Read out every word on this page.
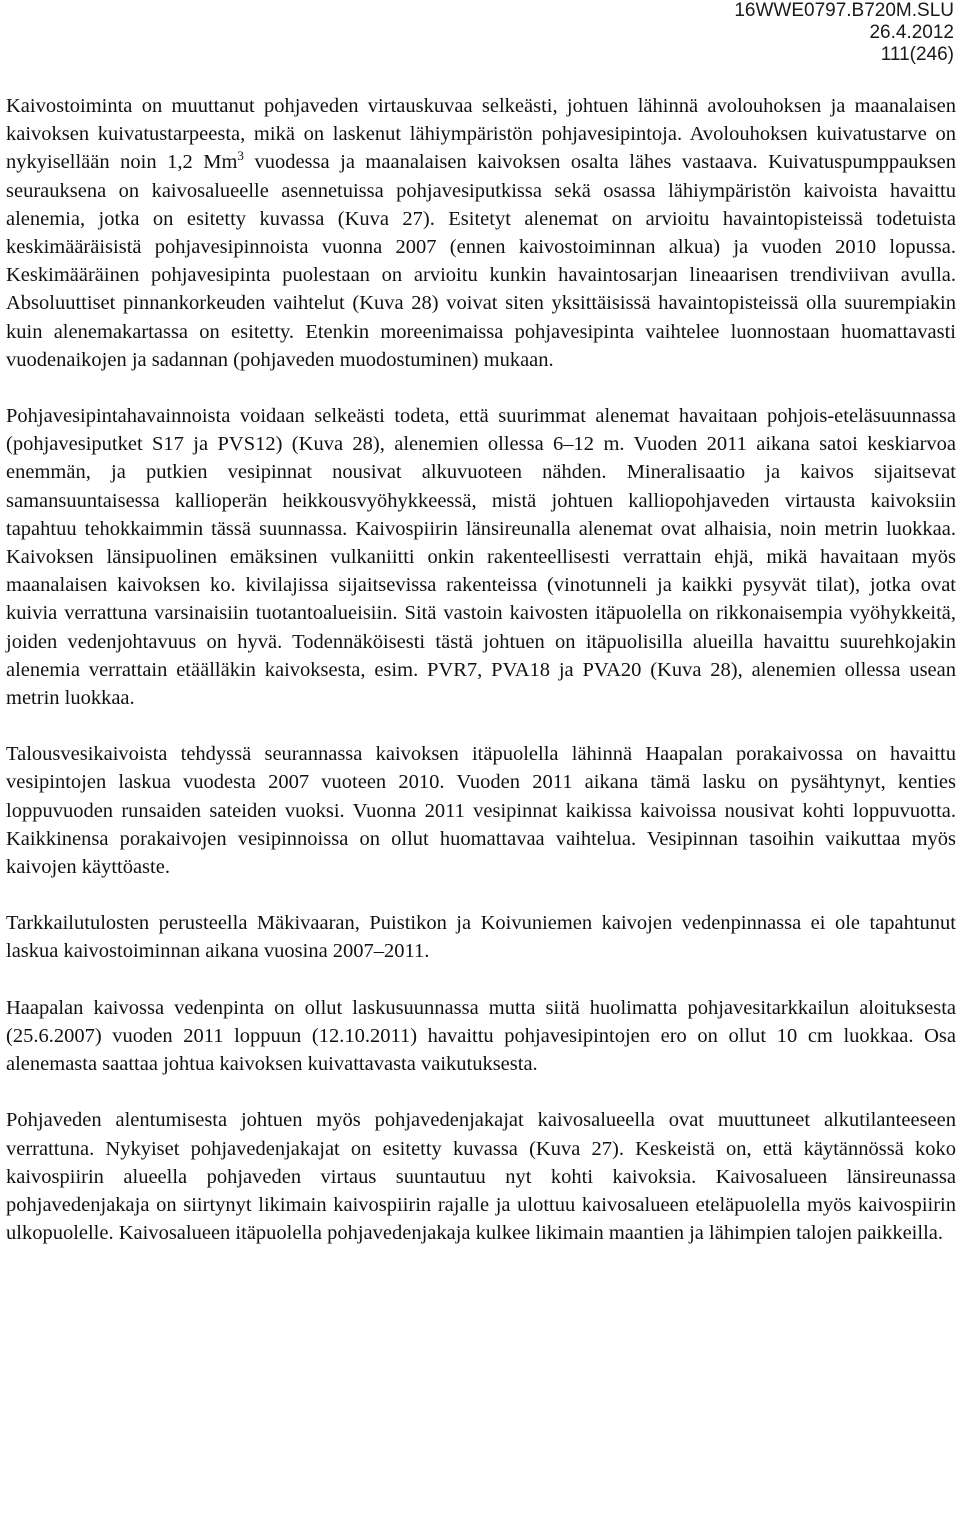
16WWE0797.B720M.SLU
26.4.2012
111(246)

Kaivostoiminta on muuttanut pohjaveden virtauskuvaa selkeästi, johtuen lähinnä avolouhoksen ja maanalaisen kaivoksen kuivatustarpeesta, mikä on laskenut lähiympäristön pohjavesipintoja. Avolouhoksen kuivatustarve on nykyisellään noin 1,2 Mm$^3$ vuodessa ja maanalaisen kaivoksen osalta lähes vastaava. Kuivatuspumppauksen seurauksena on kaivosalueelle asennetuissa pohjavesiputkissa sekä osassa lähiympäristön kaivoista havaittu alenemia, jotka on esitetty kuvassa (Kuva 27). Esitetyt alenemat on arvioitu havaintopisteissä todetuista keskimääräisistä pohjavesipinnoista vuonna 2007 (ennen kaivostoiminnan alkua) ja vuoden 2010 lopussa. Keskimääräinen pohjavesipinta puolestaan on arvioitu kunkin havaintosarjan lineaarisen trendiviivan avulla. Absoluuttiset pinnankorkeuden vaihtelut (Kuva 28) voivat siten yksittäisissä havaintopisteissä olla suurempiakin kuin alenemakartassa on esitetty. Etenkin moreenimaissa pohjavesipinta vaihtelee luonnostaan huomattavasti vuodenaikojen ja sadannan (pohjaveden muodostuminen) mukaan.

Pohjavesipintahavainnoista voidaan selkeästi todeta, että suurimmat alenemat havaitaan pohjois-eteläsuunnassa (pohjavesiputket S17 ja PVS12) (Kuva 28), alenemien ollessa 6–12 m. Vuoden 2011 aikana satoi keskiarvoa enemmän, ja putkien vesipinnat nousivat alkuvuoteen nähden. Mineralisaatio ja kaivos sijaitsevat samansuuntaisessa kallioperän heikkousvyöhykkeessä, mistä johtuen kalliopohjaveden virtausta kaivoksiin tapahtuu tehokkaimmin tässä suunnassa. Kaivospiirin länsireunalla alenemat ovat alhaisia, noin metrin luokkaa. Kaivoksen länsipuolinen emäksinen vulkaniitti onkin rakenteellisesti verrattain ehjä, mikä havaitaan myös maanalaisen kaivoksen ko. kivilajissa sijaitsevissa rakenteissa (vinotunneli ja kaikki pysyvät tilat), jotka ovat kuivia verrattuna varsinaisiin tuotantoalueisiin. Sitä vastoin kaivosten itäpuolella on rikkonaisempia vyöhykkeitä, joiden vedenjohtavuus on hyvä. Todennäköisesti tästä johtuen on itäpuolisilla alueilla havaittu suurehkojakin alenemia verrattain etäälläkin kaivoksesta, esim. PVR7, PVA18 ja PVA20 (Kuva 28), alenemien ollessa usean metrin luokkaa.

Talousvesikaivoista tehdyssä seurannassa kaivoksen itäpuolella lähinnä Haapalan porakaivossa on havaittu vesipintojen laskua vuodesta 2007 vuoteen 2010. Vuoden 2011 aikana tämä lasku on pysähtynyt, kenties loppuvuoden runsaiden sateiden vuoksi. Vuonna 2011 vesipinnat kaikissa kaivoissa nousivat kohti loppuvuotta. Kaikkinensa porakaivojen vesipinnoissa on ollut huomattavaa vaihtelua. Vesipinnan tasoihin vaikuttaa myös kaivojen käyttöaste.

Tarkkailutulosten perusteella Mäkivaaran, Puistikon ja Koivuniemen kaivojen vedenpinnassa ei ole tapahtunut laskua kaivostoiminnan aikana vuosina 2007–2011.

Haapalan kaivossa vedenpinta on ollut laskusuunnassa mutta siitä huolimatta pohjavesitarkkailun aloituksesta (25.6.2007) vuoden 2011 loppuun (12.10.2011) havaittu pohjavesipintojen ero on ollut 10 cm luokkaa. Osa alenemasta saattaa johtua kaivoksen kuivattavasta vaikutuksesta.

Pohjaveden alentumisesta johtuen myös pohjavedenjakajat kaivosalueella ovat muuttuneet alkutilanteeseen verrattuna. Nykyiset pohjavedenjakajat on esitetty kuvassa (Kuva 27). Keskeistä on, että käytännössä koko kaivospiirin alueella pohjaveden virtaus suuntautuu nyt kohti kaivoksia. Kaivosalueen länsireunassa pohjavedenjakaja on siirtynyt likimain kaivospiirin rajalle ja ulottuu kaivosalueen eteläpuolella myös kaivospiirin ulkopuolelle. Kaivosalueen itäpuolella pohjavedenjakaja kulkee likimain maantien ja lähimpien talojen paikkeilla.
